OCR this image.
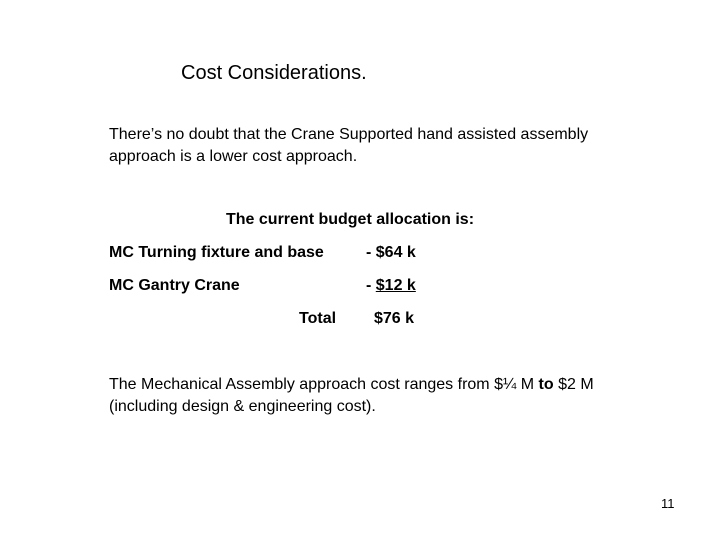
Cost Considerations.
There’s no doubt that the Crane Supported hand assisted assembly approach is a lower cost approach.
The current budget allocation is:
MC Turning fixture and base	- $64 k
MC Gantry Crane	- $12 k
Total $76 k
The Mechanical Assembly approach cost ranges from $¼ M to $2 M (including design & engineering cost).
11
